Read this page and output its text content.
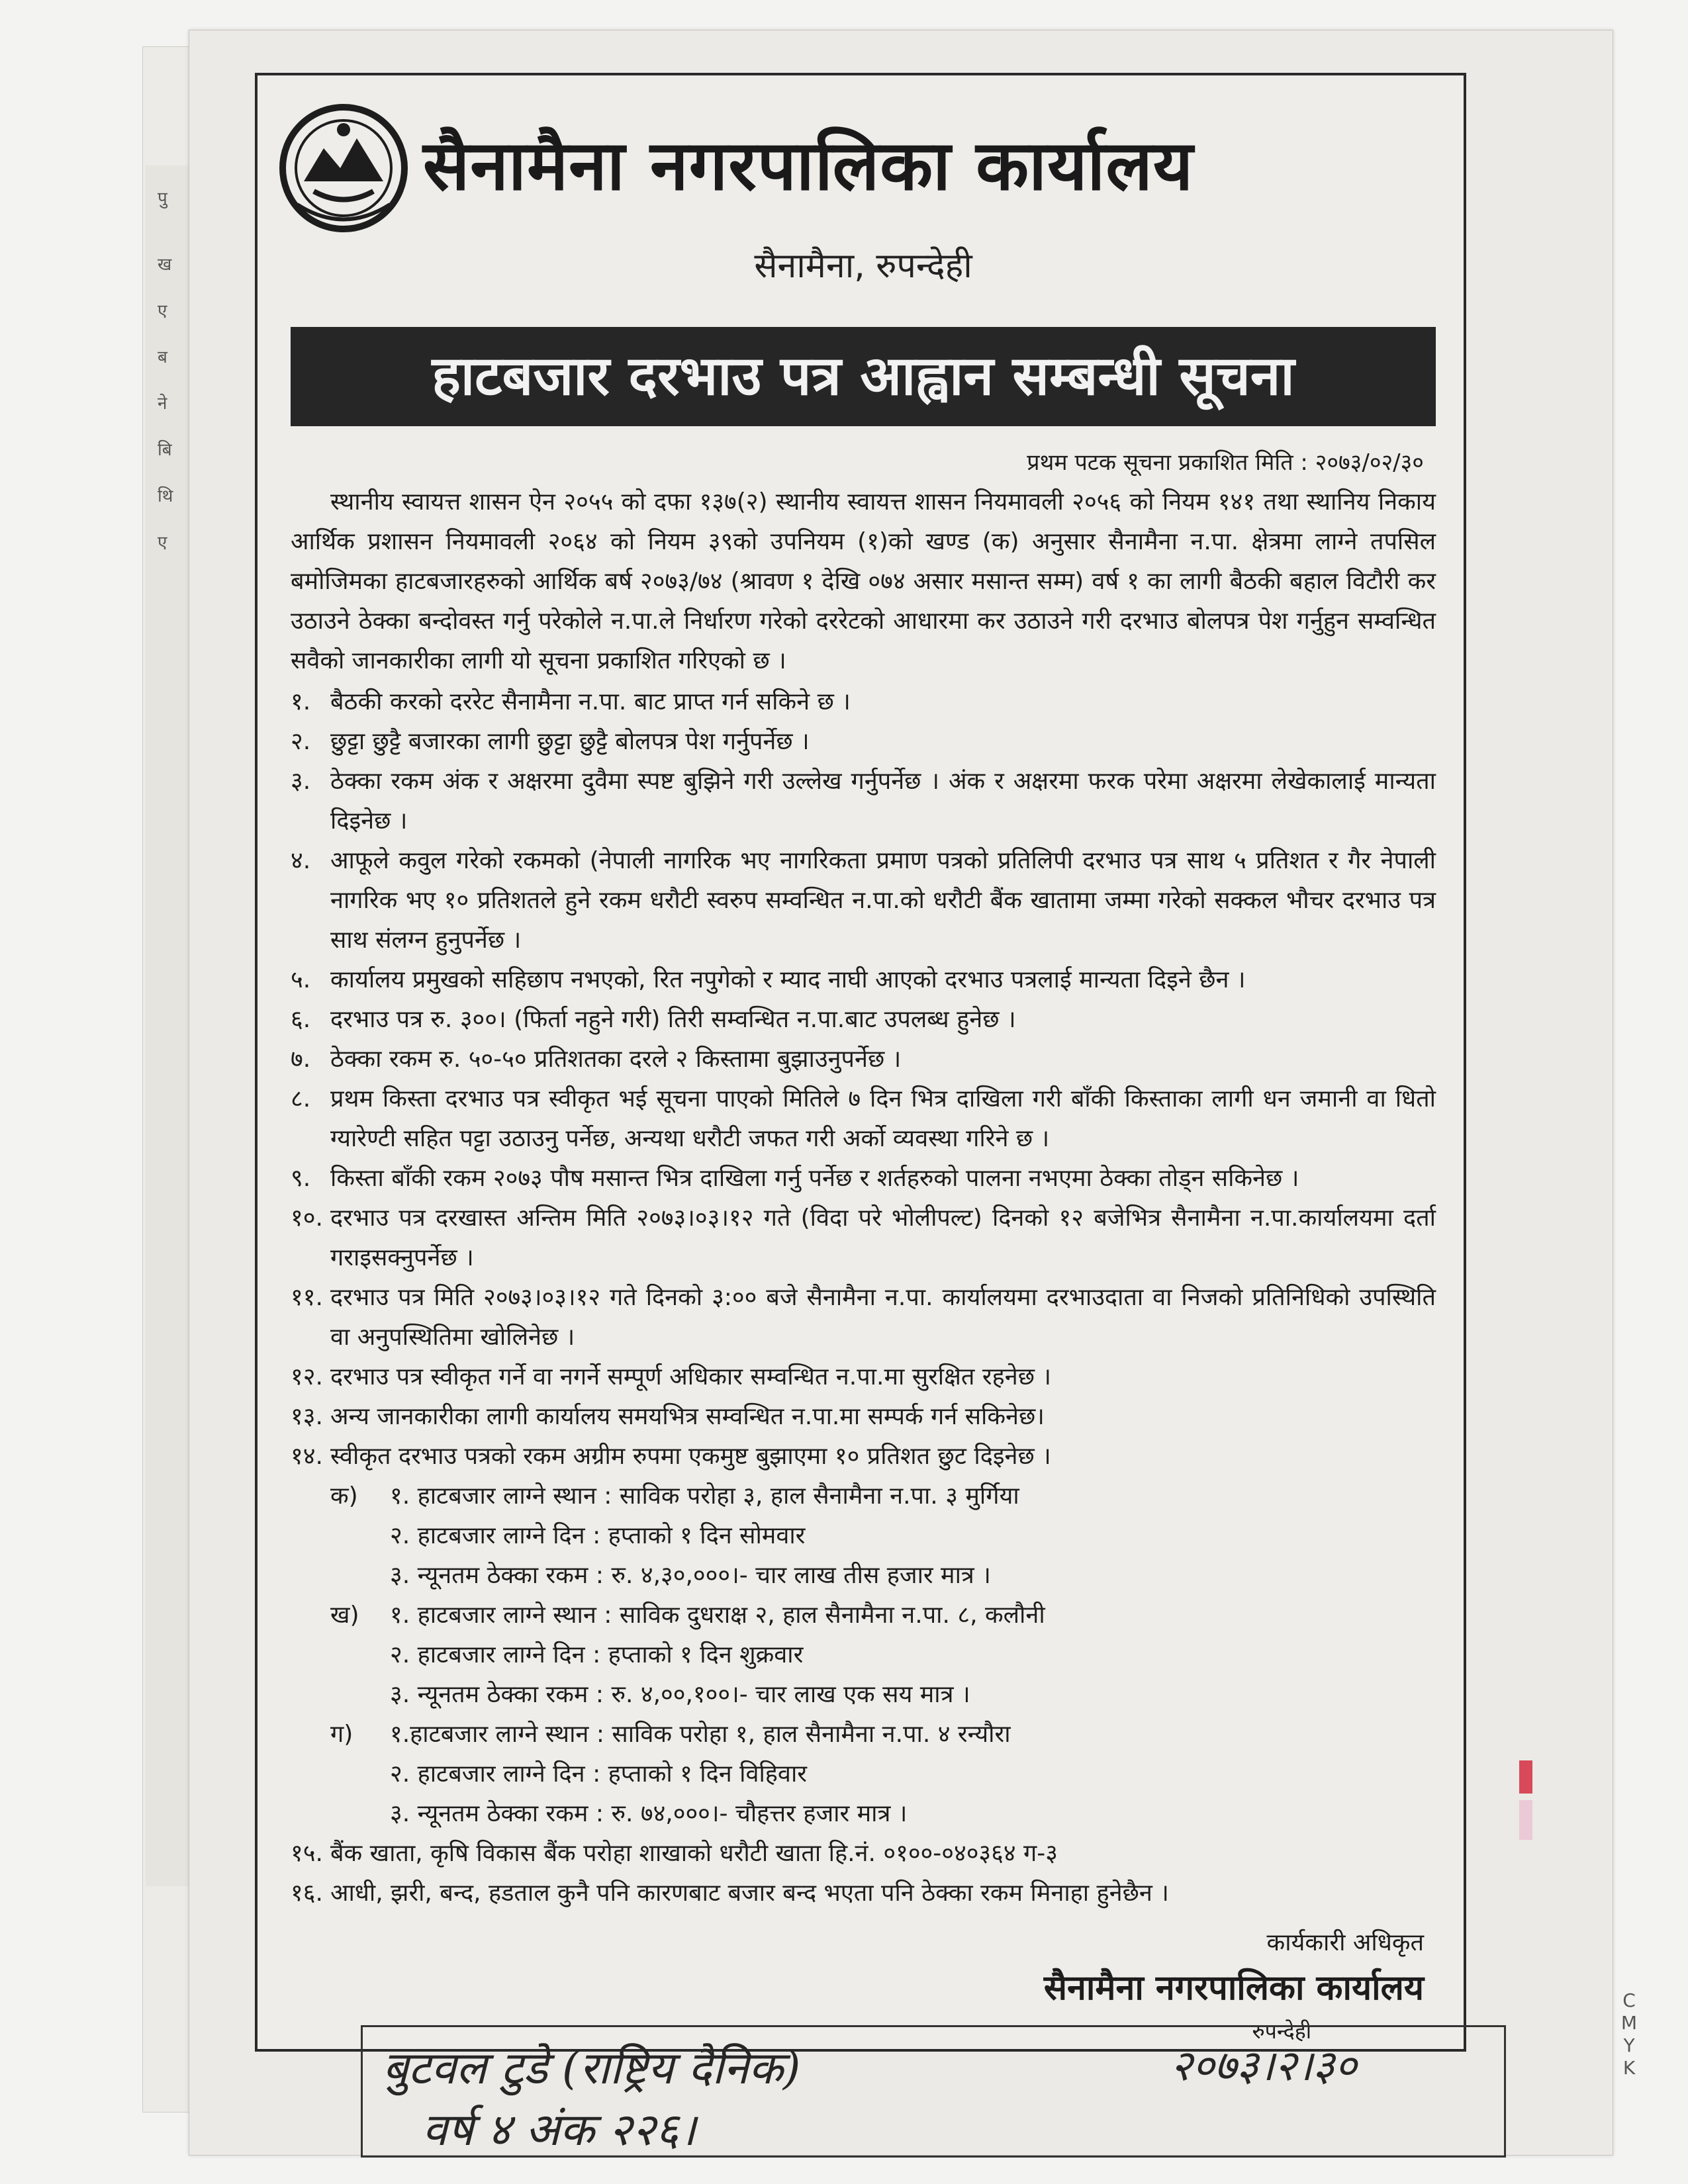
पु
ख
ए
ब
ने
बि
थि
ए
C
M
Y
K
सैनामैना नगरपालिका कार्यालय
सैनामैना, रुपन्देही
हाटबजार दरभाउ पत्र आह्वान सम्बन्धी सूचना
प्रथम पटक सूचना प्रकाशित मिति : २०७३/०२/३०

स्थानीय स्वायत्त शासन ऐन २०५५ को दफा १३७(२) स्थानीय स्वायत्त शासन नियमावली २०५६ को नियम १४१ तथा स्थानिय निकाय आर्थिक प्रशासन नियमावली २०६४ को नियम ३९को उपनियम (१)को खण्ड (क) अनुसार सैनामैना न.पा. क्षेत्रमा लाग्ने तपसिल बमोजिमका हाटबजारहरुको आर्थिक बर्ष २०७३/७४ (श्रावण १ देखि ०७४ असार मसान्त सम्म) वर्ष १ का लागी बैठकी बहाल विटौरी कर उठाउने ठेक्का बन्दोवस्त गर्नु परेकोले न.पा.ले निर्धारण गरेको दररेटको आधारमा कर उठाउने गरी दरभाउ बोलपत्र पेश गर्नुहुन सम्वन्धित सवैको जानकारीका लागी यो सूचना प्रकाशित गरिएको छ ।

१. बैठकी करको दररेट सैनामैना न.पा. बाट प्राप्त गर्न सकिने छ ।
२. छुट्टा छुट्टै बजारका लागी छुट्टा छुट्टै बोलपत्र पेश गर्नुपर्नेछ ।
३. ठेक्का रकम अंक र अक्षरमा दुवैमा स्पष्ट बुझिने गरी उल्लेख गर्नुपर्नेछ । अंक र अक्षरमा फरक परेमा अक्षरमा लेखेकालाई मान्यता दिइनेछ ।
४. आफूले कवुल गरेको रकमको (नेपाली नागरिक भए नागरिकता प्रमाण पत्रको प्रतिलिपी दरभाउ पत्र साथ ५ प्रतिशत र गैर नेपाली नागरिक भए १० प्रतिशतले हुने रकम धरौटी स्वरुप सम्वन्धित न.पा.को धरौटी बैंक खातामा जम्मा गरेको सक्कल भौचर दरभाउ पत्र साथ संलग्न हुनुपर्नेछ ।
५. कार्यालय प्रमुखको सहिछाप नभएको, रित नपुगेको र म्याद नाघी आएको दरभाउ पत्रलाई मान्यता दिइने छैन ।
६. दरभाउ पत्र रु. ३००। (फिर्ता नहुने गरी) तिरी सम्वन्धित न.पा.बाट उपलब्ध हुनेछ ।
७. ठेक्का रकम रु. ५०-५० प्रतिशतका दरले २ किस्तामा बुझाउनुपर्नेछ ।
८. प्रथम किस्ता दरभाउ पत्र स्वीकृत भई सूचना पाएको मितिले ७ दिन भित्र दाखिला गरी बाँकी किस्ताका लागी धन जमानी वा धितो ग्यारेण्टी सहित पट्टा उठाउनु पर्नेछ, अन्यथा धरौटी जफत गरी अर्को व्यवस्था गरिने छ ।
९. किस्ता बाँकी रकम २०७३ पौष मसान्त भित्र दाखिला गर्नु पर्नेछ र शर्तहरुको पालना नभएमा ठेक्का तोड्न सकिनेछ ।
१०. दरभाउ पत्र दरखास्त अन्तिम मिति २०७३।०३।१२ गते (विदा परे भोलीपल्ट) दिनको १२ बजेभित्र सैनामैना न.पा.कार्यालयमा दर्ता गराइसक्नुपर्नेछ ।
११. दरभाउ पत्र मिति २०७३।०३।१२ गते दिनको ३:०० बजे सैनामैना न.पा. कार्यालयमा दरभाउदाता वा निजको प्रतिनिधिको उपस्थिति वा अनुपस्थितिमा खोलिनेछ ।
१२. दरभाउ पत्र स्वीकृत गर्ने वा नगर्ने सम्पूर्ण अधिकार सम्वन्धित न.पा.मा सुरक्षित रहनेछ ।
१३. अन्य जानकारीका लागी कार्यालय समयभित्र सम्वन्धित न.पा.मा सम्पर्क गर्न सकिनेछ।
१४. स्वीकृत दरभाउ पत्रको रकम अग्रीम रुपमा एकमुष्ट बुझाएमा १० प्रतिशत छुट दिइनेछ ।
क)	१. हाटबजार लाग्ने स्थान : साविक परोहा ३, हाल सैनामैना न.पा. ३ मुर्गिया
२. हाटबजार लाग्ने दिन : हप्ताको १ दिन सोमवार
३. न्यूनतम ठेक्का रकम : रु. ४,३०,०००।- चार लाख तीस हजार मात्र ।
ख)	१. हाटबजार लाग्ने स्थान : साविक दुधराक्ष २, हाल सैनामैना न.पा. ८, कलौनी
२. हाटबजार लाग्ने दिन : हप्ताको १ दिन शुक्रवार
३. न्यूनतम ठेक्का रकम : रु. ४,००,१००।- चार लाख एक सय मात्र ।
ग)	१.हाटबजार लाग्ने स्थान : साविक परोहा १, हाल सैनामैना न.पा. ४ रन्यौरा
२. हाटबजार लाग्ने दिन : हप्ताको १ दिन विहिवार
३. न्यूनतम ठेक्का रकम : रु. ७४,०००।- चौहत्तर हजार मात्र ।
१५. बैंक खाता, कृषि विकास बैंक परोहा शाखाको धरौटी खाता हि.नं. ०१००-०४०३६४ ग-३
१६. आधी, झरी, बन्द, हडताल कुनै पनि कारणबाट बजार बन्द भएता पनि ठेक्का रकम मिनाहा हुनेछैन ।
कार्यकारी अधिकृत
सैनामैना नगरपालिका कार्यालय
रुपन्देही
बुटवल टुडे (राष्ट्रिय दैनिक)	२०७३।२।३०
वर्ष ४ अंक २२६।
